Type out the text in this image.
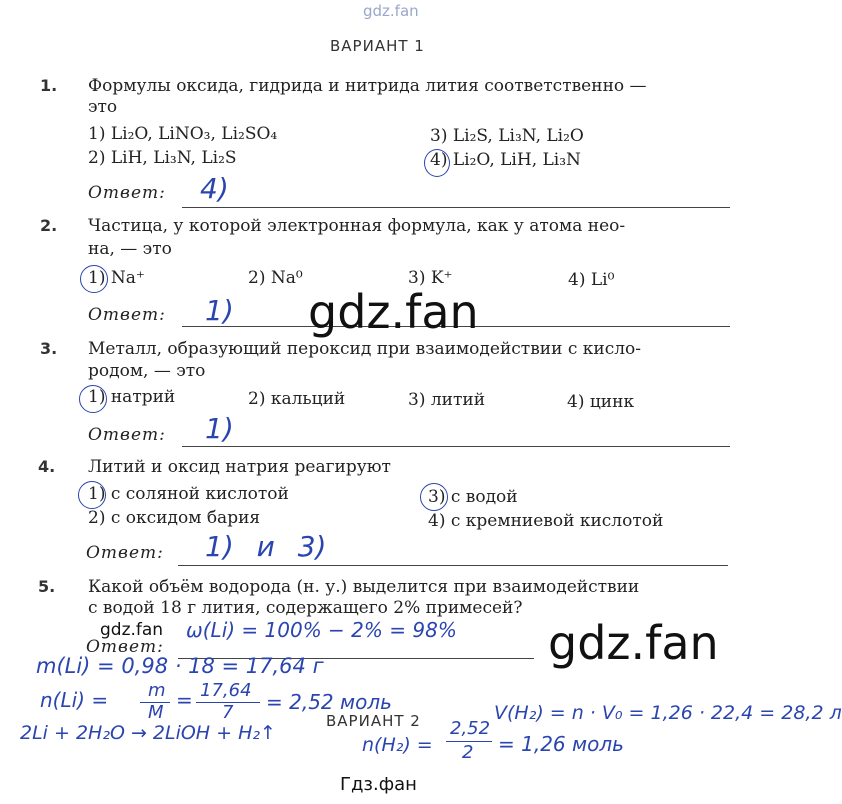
gdz.fan
ВАРИАНТ 1
1. Формулы оксида, гидрида и нитрида лития соответственно —
это
1) Li₂O, LiNO₃, Li₂SO₄
2) LiH, Li₃N, Li₂S
3) Li₂S, Li₃N, Li₂O
4) Li₂O, LiH, Li₃N
Ответ: 4)
2. Частица, у которой электронная формула, как у атома нео-
на, — это
1) Na⁺	2) Na⁰	3) K⁺	4) Li⁰
Ответ: 1) gdz.fan
3. Металл, образующий пероксид при взаимодействии с кисло-
родом, — это
1) натрий	2) кальций	3) литий	4) цинк
Ответ: 1)
4. Литий и оксид натрия реагируют
1) с соляной кислотой
2) с оксидом бария
3) с водой
4) с кремниевой кислотой
Ответ: 1) и 3)
5. Какой объём водорода (н. у.) выделится при взаимодействии
с водой 18 г лития, содержащего 2% примесей?
Ответ:
gdz.fan	gdz.fan
ω(Li) = 100% − 2% = 98%
m(Li) = 0,98 · 18 = 17,64 г
n(Li) = m
M
= 17,64
7 = 2,52 моль
ВАРИАНТ 2
2Li + 2H₂O → 2LiOH + H₂↑
n(H₂) =
2,52
2 = 1,26 моль
V(H₂) = n · V₀ = 1,26 · 22,4 = 28,2 л
Гдз.фан
